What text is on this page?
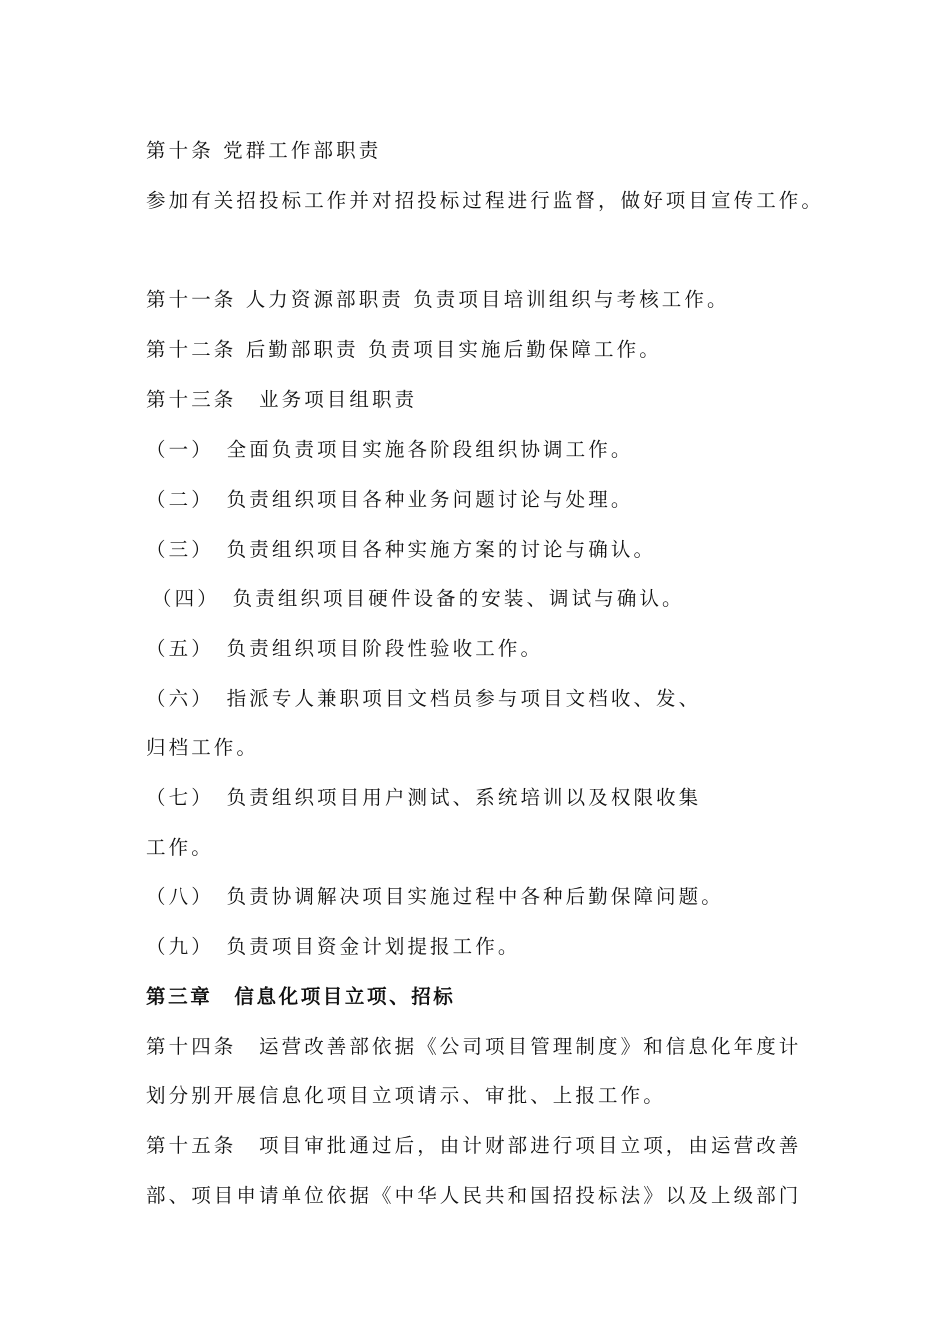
第十条 党群工作部职责
参加有关招投标工作并对招投标过程进行监督，做好项目宣传工作。
第十一条 人力资源部职责 负责项目培训组织与考核工作。
第十二条 后勤部职责 负责项目实施后勤保障工作。
第十三条　业务项目组职责
（一）　全面负责项目实施各阶段组织协调工作。
（二）　负责组织项目各种业务问题讨论与处理。
（三）　负责组织项目各种实施方案的讨论与确认。
（四）　负责组织项目硬件设备的安装、调试与确认。
（五）　负责组织项目阶段性验收工作。
（六）　指派专人兼职项目文档员参与项目文档收、发、
归档工作。
（七）　负责组织项目用户测试、系统培训以及权限收集
工作。
（八）　负责协调解决项目实施过程中各种后勤保障问题。
（九）　负责项目资金计划提报工作。
第三章　信息化项目立项、招标
第十四条　运营改善部依据《公司项目管理制度》和信息化年度计
划分别开展信息化项目立项请示、审批、上报工作。
第十五条　项目审批通过后，由计财部进行项目立项，由运营改善
部、项目申请单位依据《中华人民共和国招投标法》以及上级部门
